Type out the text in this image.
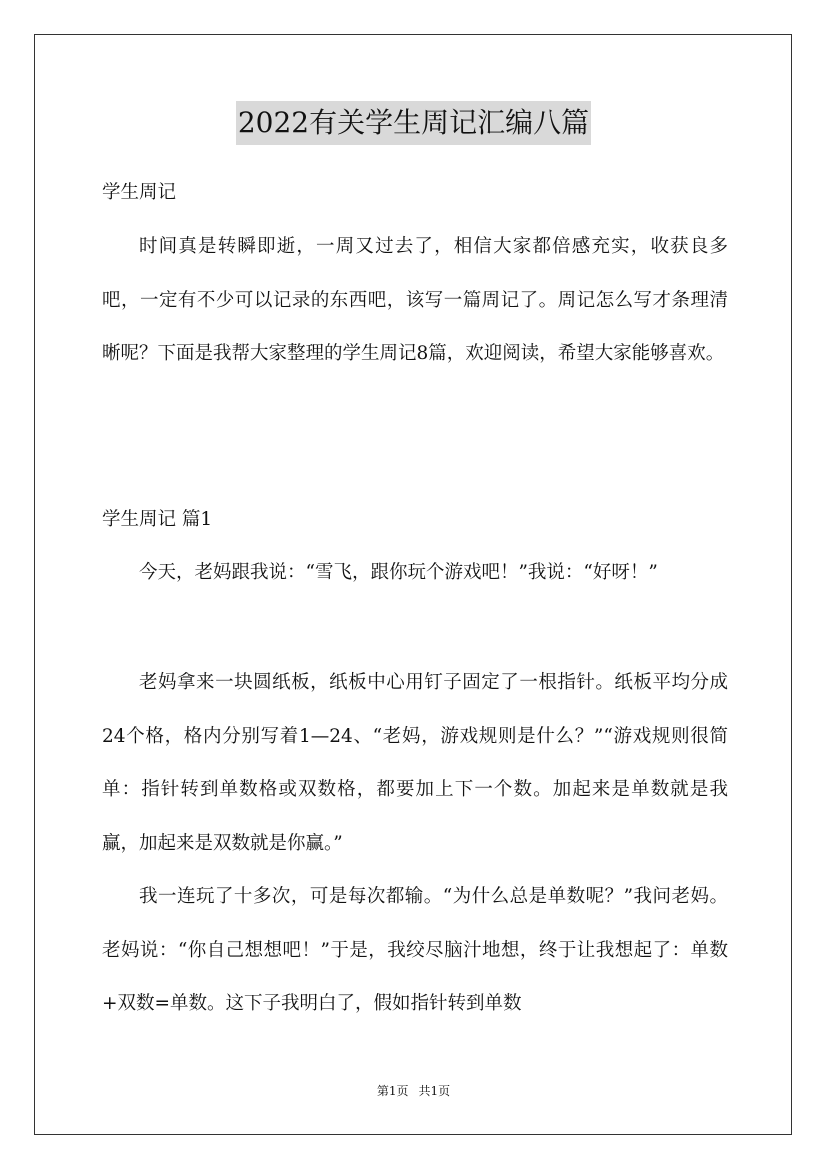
2022有关学生周记汇编八篇

学生周记

时间真是转瞬即逝，一周又过去了，相信大家都倍感充实，收获良多吧，一定有不少可以记录的东西吧，该写一篇周记了。周记怎么写才条理清晰呢？下面是我帮大家整理的学生周记8篇，欢迎阅读，希望大家能够喜欢。

学生周记 篇1

今天，老妈跟我说：“雪飞，跟你玩个游戏吧！”我说：“好呀！”

老妈拿来一块圆纸板，纸板中心用钉子固定了一根指针。纸板平均分成24个格，格内分别写着1—24、“老妈，游戏规则是什么？”“游戏规则很简单：指针转到单数格或双数格，都要加上下一个数。加起来是单数就是我赢，加起来是双数就是你赢。”

我一连玩了十多次，可是每次都输。“为什么总是单数呢？”我问老妈。老妈说：“你自己想想吧！”于是，我绞尽脑汁地想，终于让我想起了：单数+双数=单数。这下子我明白了，假如指针转到单数

第1页 共1页
